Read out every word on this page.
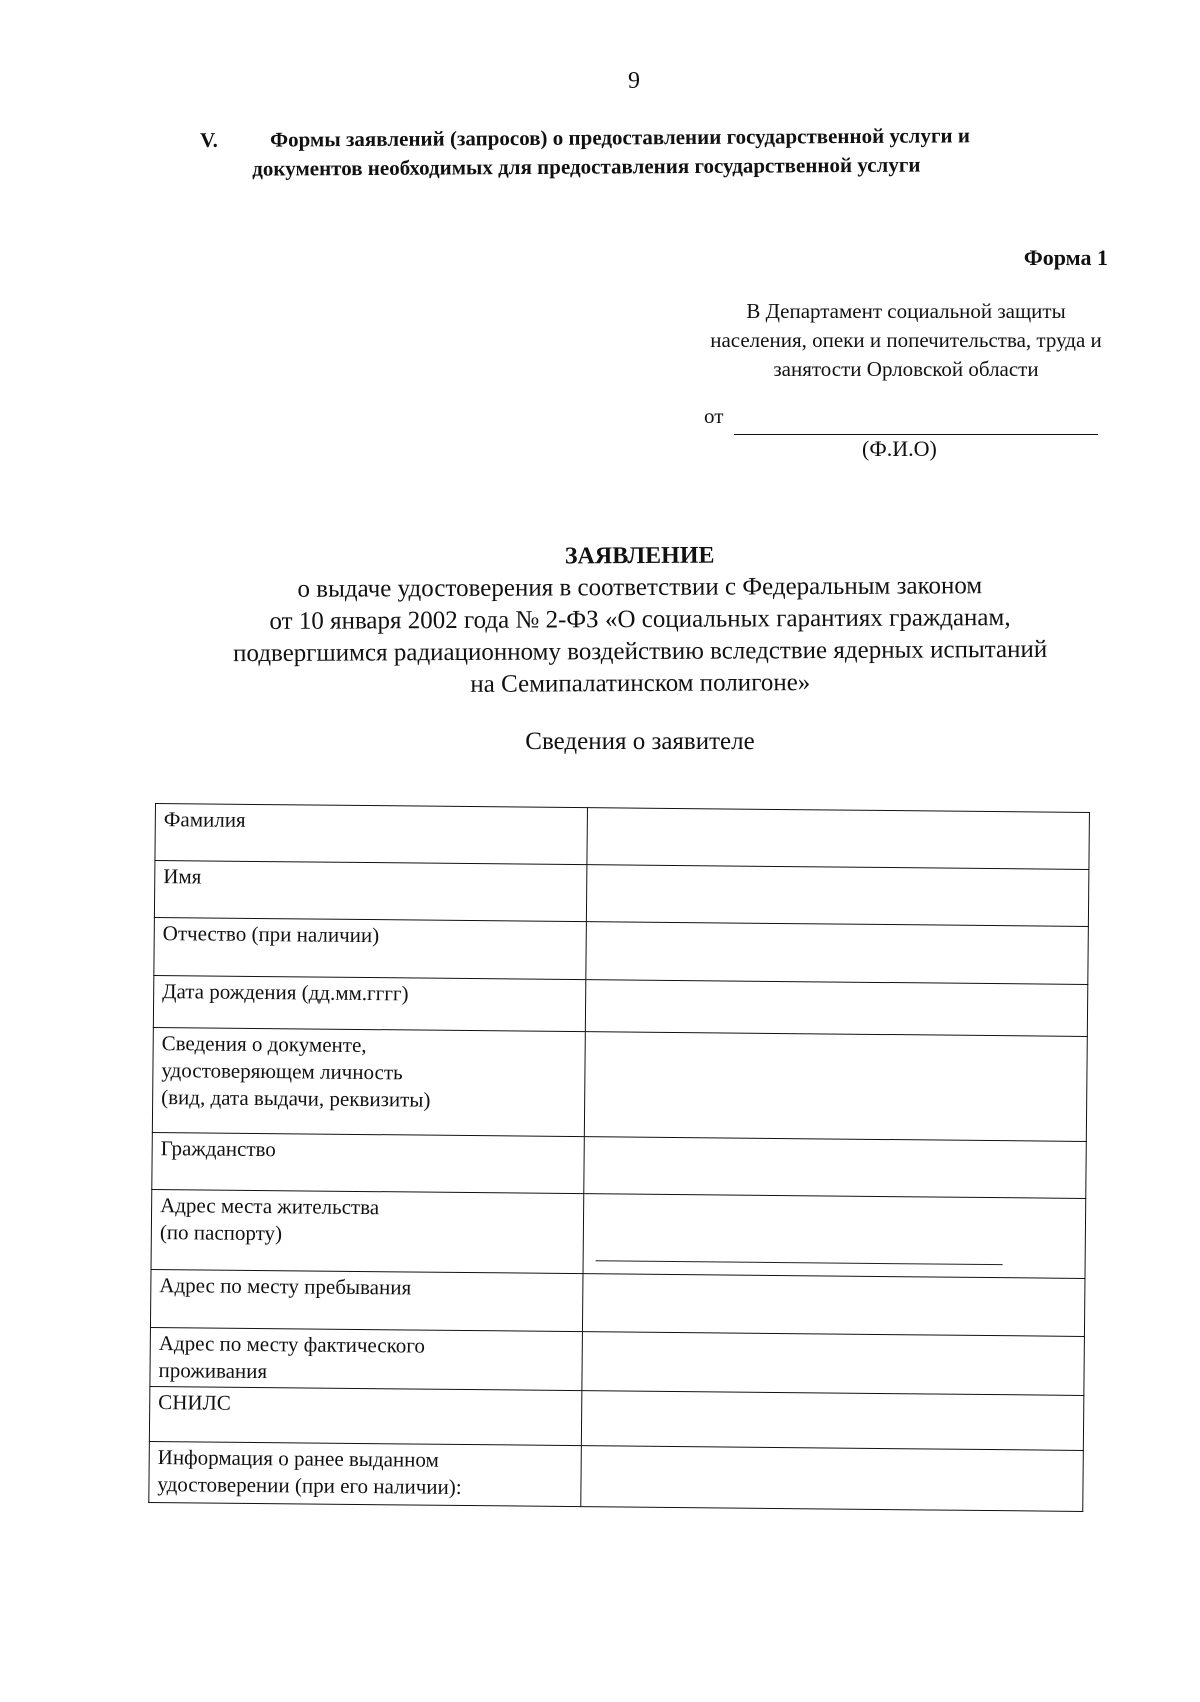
9
V. Формы заявлений (запросов) о предоставлении государственной услуги и
документов необходимых для предоставления государственной услуги
Форма 1
В Департамент социальной защиты
населения, опеки и попечительства, труда и
занятости Орловской области
от
(Ф.И.О)
ЗАЯВЛЕНИЕ
о выдаче удостоверения в соответствии с Федеральным законом
от 10 января 2002 года № 2-ФЗ «О социальных гарантиях гражданам,
подвергшимся радиационному воздействию вследствие ядерных испытаний
на Семипалатинском полигоне»
Сведения о заявителе
Фамилия	
Имя	
Отчество (при наличии)	
Дата рождения (дд.мм.гггг)	

Сведения о документе,
удостоверяющем личность
(вид, дата выдачи, реквизиты)	

Гражданство	

Адрес места жительства
(по паспорту)	

Адрес по месту пребывания	

Адрес по месту фактического
проживания	

СНИЛС	

Информация о ранее выданном
удостоверении (при его наличии):	
